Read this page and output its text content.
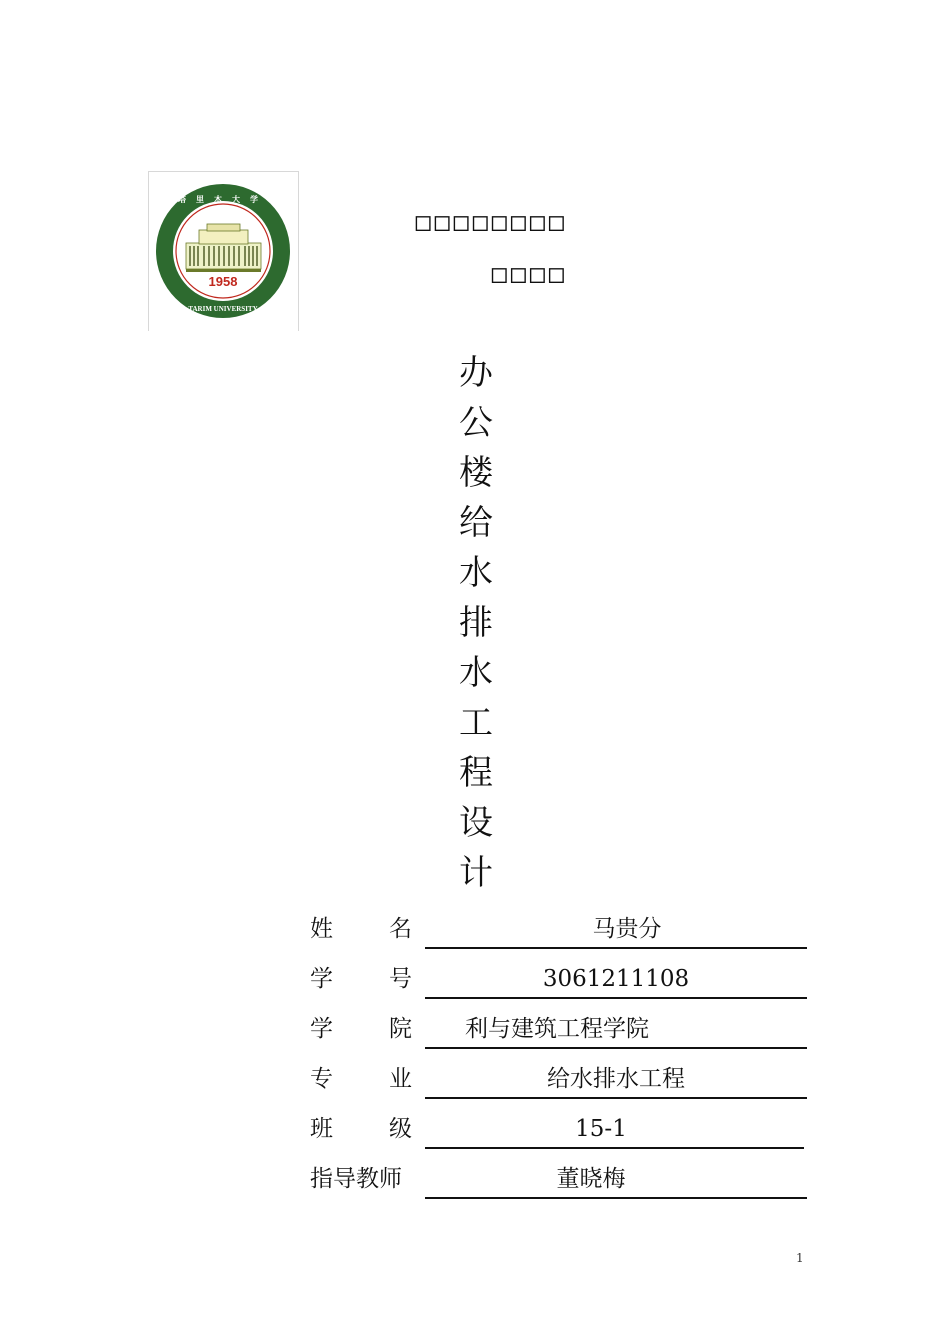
1958
塔里木大学
TARIM UNIVERSITY
□□□□□□□□
□□□□
办
公
楼
给
水
排
水
工
程
设
计
姓 名	马贵分
学 号	3061211108
学 院	利与建筑工程学院
专 业	给水排水工程
班 级	15-1
指导教师	董晓梅
1
